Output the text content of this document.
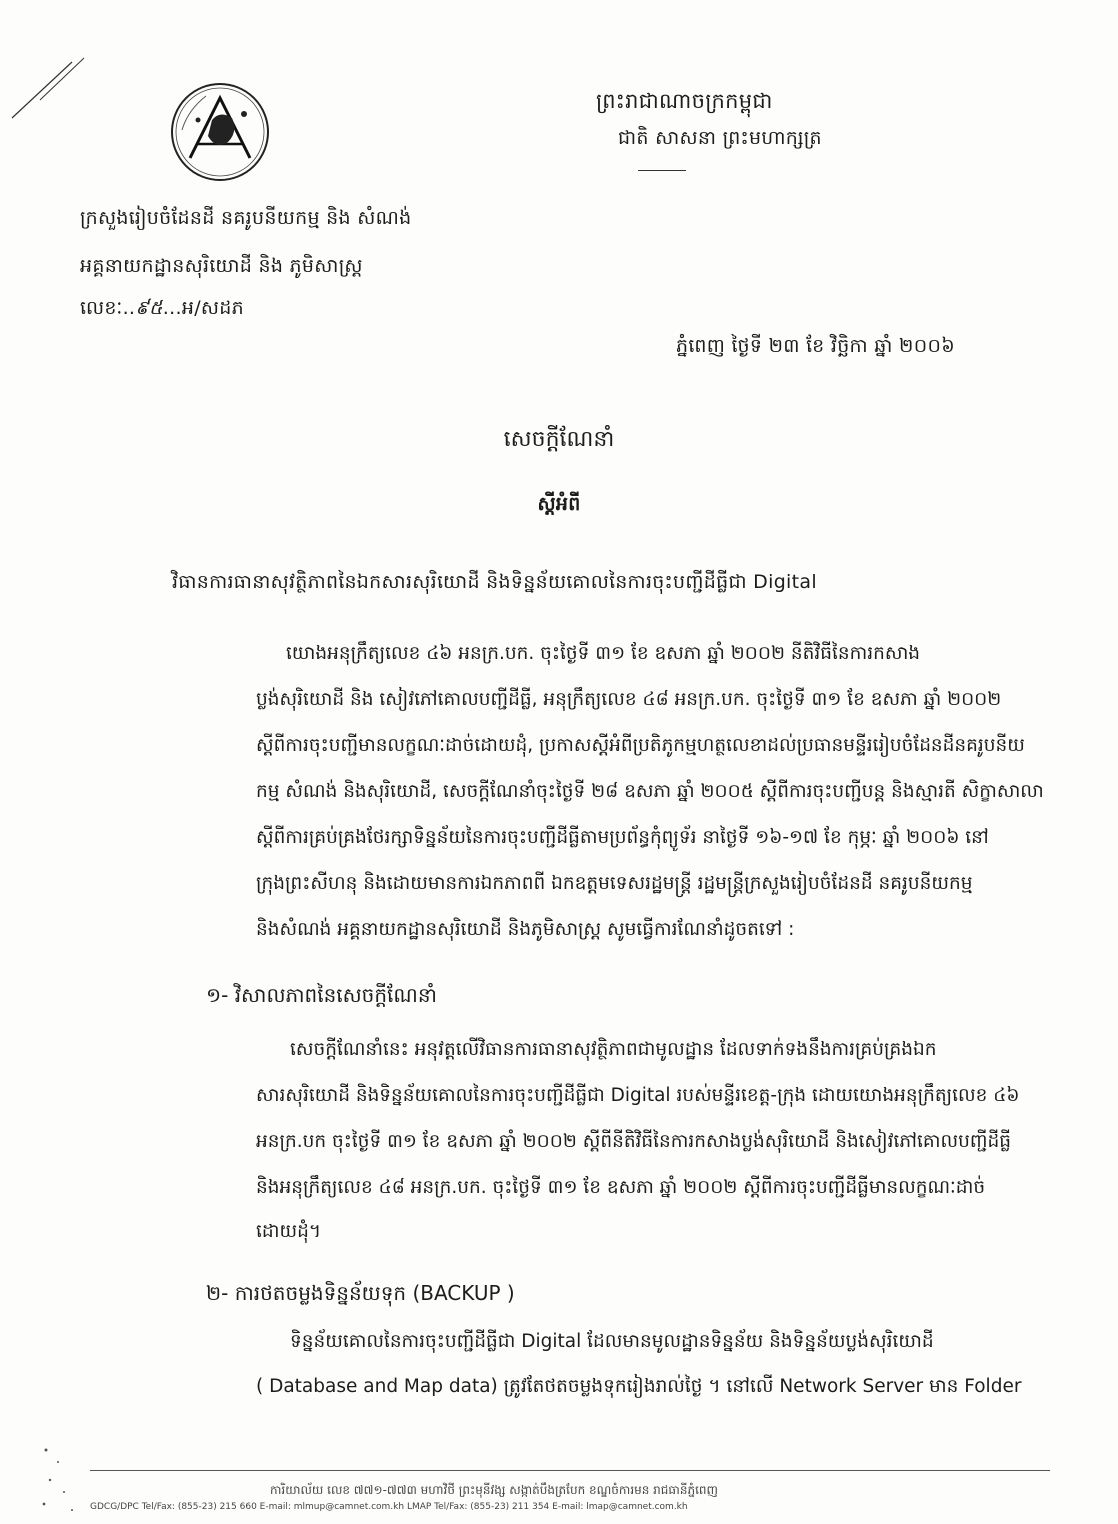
ព្រះរាជាណាចក្រកម្ពុជា
ជាតិ សាសនា ព្រះមហាក្សត្រ
ក្រសួងរៀបចំដែនដី នគរូបនីយកម្ម និង សំណង់
អគ្គនាយកដ្ឋានសុរិយោដី និង ភូមិសាស្ត្រ
លេខៈ..៩៥...អ/សដភ
ភ្នំពេញ ថ្ងៃទី ២៣ ខែ វិច្ឆិកា ឆ្នាំ ២០០៦
សេចក្តីណែនាំ
ស្តីអំពី
វិធានការធានាសុវត្ថិភាពនៃឯកសារសុរិយោដី និងទិន្នន័យគោលនៃការចុះបញ្ជីដីធ្លីជា Digital
យោងអនុក្រឹត្យលេខ ៤៦ អនក្រ.បក. ចុះថ្ងៃទី ៣១ ខែ ឧសភា ឆ្នាំ ២០០២ នីតិវិធីនៃការកសាង
ប្លង់សុរិយោដី និង សៀវភៅគោលបញ្ជីដីធ្លី, អនុក្រឹត្យលេខ ៤៨ អនក្រ.បក. ចុះថ្ងៃទី ៣១ ខែ ឧសភា ឆ្នាំ ២០០២
ស្តីពីការចុះបញ្ជីមានលក្ខណៈដាច់ដោយដុំ, ប្រកាសស្តីអំពីប្រតិភូកម្មហត្ថលេខាដល់ប្រធានមន្ទីររៀបចំដែនដីនគរូបនីយ
កម្ម សំណង់ និងសុរិយោដី, សេចក្តីណែនាំចុះថ្ងៃទី ២៨ ឧសភា ឆ្នាំ ២០០៥ ស្តីពីការចុះបញ្ជីបន្ត និងស្មារតី សិក្ខាសាលា
ស្តីពីការគ្រប់គ្រងថែរក្សាទិន្នន័យនៃការចុះបញ្ជីដីធ្លីតាមប្រព័ន្ធកុំព្យូទ័រ នាថ្ងៃទី ១៦-១៧ ខែ កុម្ភៈ ឆ្នាំ ២០០៦ នៅ
ក្រុងព្រះសីហនុ និងដោយមានការឯកភាពពី ឯកឧត្តមទេសរដ្ឋមន្ត្រី រដ្ឋមន្ត្រីក្រសួងរៀបចំដែនដី នគរូបនីយកម្ម
និងសំណង់ អគ្គនាយកដ្ឋានសុរិយោដី និងភូមិសាស្ត្រ សូមធ្វើការណែនាំដូចតទៅ :
១- វិសាលភាពនៃសេចក្តីណែនាំ
សេចក្តីណែនាំនេះ អនុវត្តលើវិធានការធានាសុវត្ថិភាពជាមូលដ្ឋាន ដែលទាក់ទងនឹងការគ្រប់គ្រងឯក
សារសុរិយោដី និងទិន្នន័យគោលនៃការចុះបញ្ជីដីធ្លីជា Digital របស់មន្ទីរខេត្ត-ក្រុង ដោយយោងអនុក្រឹត្យលេខ ៤៦
អនក្រ.បក ចុះថ្ងៃទី ៣១ ខែ ឧសភា ឆ្នាំ ២០០២ ស្តីពីនីតិវិធីនៃការកសាងប្លង់សុរិយោដី និងសៀវភៅគោលបញ្ជីដីធ្លី
និងអនុក្រឹត្យលេខ ៤៨ អនក្រ.បក. ចុះថ្ងៃទី ៣១ ខែ ឧសភា ឆ្នាំ ២០០២ ស្តីពីការចុះបញ្ជីដីធ្លីមានលក្ខណៈដាច់
ដោយដុំ។
២- ការថតចម្លងទិន្នន័យទុក (BACKUP )
ទិន្នន័យគោលនៃការចុះបញ្ជីដីធ្លីជា Digital ដែលមានមូលដ្ឋានទិន្នន័យ និងទិន្នន័យប្លង់សុរិយោដី
( Database and Map data) ត្រូវតែថតចម្លងទុករៀងរាល់ថ្ងៃ ។ នៅលើ Network Server មាន Folder
ការិយាល័យ លេខ ៧៧១-៧៧៣ មហាវិថី ព្រះមុនីវង្ស សង្កាត់បឹងត្របែក ខណ្ឌចំការមន រាជធានីភ្នំពេញ
GDCG/DPC Tel/Fax: (855-23) 215 660 E-mail: mlmup@camnet.com.kh LMAP Tel/Fax: (855-23) 211 354 E-mail: lmap@camnet.com.kh
